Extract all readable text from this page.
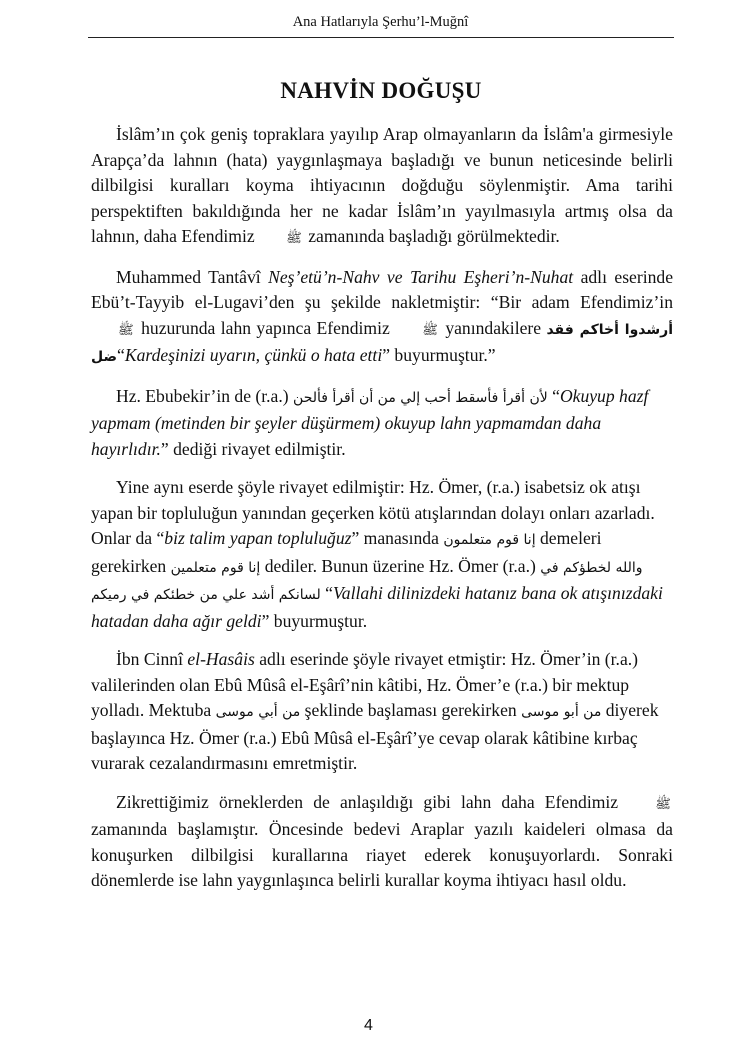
Ana Hatlarıyla Şerhu’l-Muğnî
NAHVİN DOĞUŞU

İslâm’ın çok geniş topraklara yayılıp Arap olmayanların da İslâm'a girmesiyle Arapça’da lahnın (hata) yaygınlaşmaya başladığı ve bunun neticesinde belirli dilbilgisi kuralları koyma ihtiyacının doğduğu söylenmiştir. Ama tarihi perspektiften bakıldığında her ne kadar İslâm’ın yayılmasıyla artmış olsa da lahnın, daha Efendimiz ﷺ zamanında başladığı görülmektedir.

Muhammed Tantâvî Neş’etü’n-Nahv ve Tarihu Eşheri’n-Nuhat adlı eserinde Ebü’t-Tayyib el-Lugavi’den şu şekilde nakletmiştir: “Bir adam Efendimiz’in ﷺ huzurunda lahn yapınca Efendimiz ﷺ yanındakilere أرشدوا أخاكم فقد ضل“Kardeşinizi uyarın, çünkü o hata etti” buyurmuştur.”

Hz. Ebubekir’in de (r.a.) لأن أقرأ فأسقط أحب إلي من أن أقرأ فألحن “Okuyup hazf yapmam (metinden bir şeyler düşürmem) okuyup lahn yapmamdan daha hayırlıdır.” dediği rivayet edilmiştir.

Yine aynı eserde şöyle rivayet edilmiştir: Hz. Ömer, (r.a.) isabetsiz ok atışı yapan bir topluluğun yanından geçerken kötü atışlarından dolayı onları azarladı. Onlar da “biz talim yapan topluluğuz” manasında إنا قوم متعلمون demeleri gerekirken إنا قوم متعلمين dediler. Bunun üzerine Hz. Ömer (r.a.) والله لخطؤكم في لسانكم أشد علي من خطئكم في رميكم “Vallahi dilinizdeki hatanız bana ok atışınızdaki hatadan daha ağır geldi” buyurmuştur.

İbn Cinnî el-Hasâis adlı eserinde şöyle rivayet etmiştir: Hz. Ömer’in (r.a.) valilerinden olan Ebû Mûsâ el-Eşârî’nin kâtibi, Hz. Ömer’e (r.a.) bir mektup yolladı. Mektuba من أبي موسى şeklinde başlaması gerekirken من أبو موسى diyerek başlayınca Hz. Ömer (r.a.) Ebû Mûsâ el-Eşârî’ye cevap olarak kâtibine kırbaç vurarak cezalandırmasını emretmiştir.

Zikrettiğimiz örneklerden de anlaşıldığı gibi lahn daha Efendimiz	ﷺ zamanında başlamıştır. Öncesinde bedevi Araplar yazılı kaideleri olmasa da konuşurken dilbilgisi kurallarına riayet ederek konuşuyorlardı. Sonraki dönemlerde ise lahn yaygınlaşınca belirli kurallar koyma ihtiyacı hasıl oldu.

4
